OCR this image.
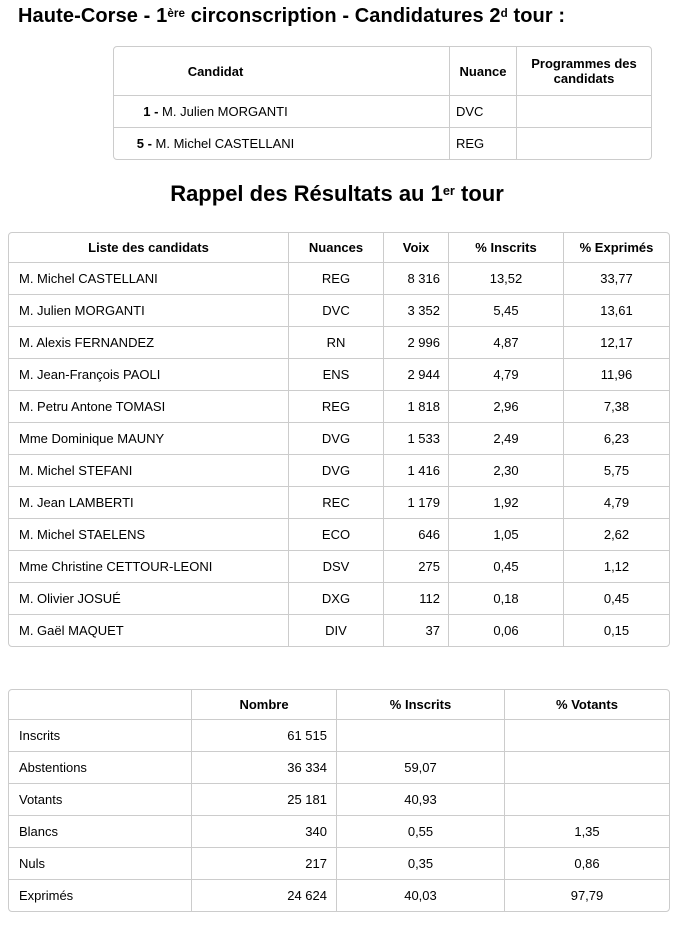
Haute-Corse - 1ère circonscription - Candidatures 2$^d$ tour :
Candidat	Nuance	Programmes des candidats
1 - M. Julien MORGANTI	DVC	
5 - M. Michel CASTELLANI	REG	
Rappel des Résultats au 1er tour
Liste des candidats	Nuances	Voix	% Inscrits	% Exprimés
M. Michel CASTELLANI	REG	8 316	13,52	33,77
M. Julien MORGANTI	DVC	3 352	5,45	13,61
M. Alexis FERNANDEZ	RN	2 996	4,87	12,17
M. Jean-François PAOLI	ENS	2 944	4,79	11,96
M. Petru Antone TOMASI	REG	1 818	2,96	7,38
Mme Dominique MAUNY	DVG	1 533	2,49	6,23
M. Michel STEFANI	DVG	1 416	2,30	5,75
M. Jean LAMBERTI	REC	1 179	1,92	4,79
M. Michel STAELENS	ECO	646	1,05	2,62
Mme Christine CETTOUR-LEONI	DSV	275	0,45	1,12
M. Olivier JOSUÉ	DXG	112	0,18	0,45
M. Gaël MAQUET	DIV	37	0,06	0,15
	Nombre	% Inscrits	% Votants
Inscrits	61 515		
Abstentions	36 334	59,07	
Votants	25 181	40,93	
Blancs	340	0,55	1,35
Nuls	217	0,35	0,86
Exprimés	24 624	40,03	97,79
